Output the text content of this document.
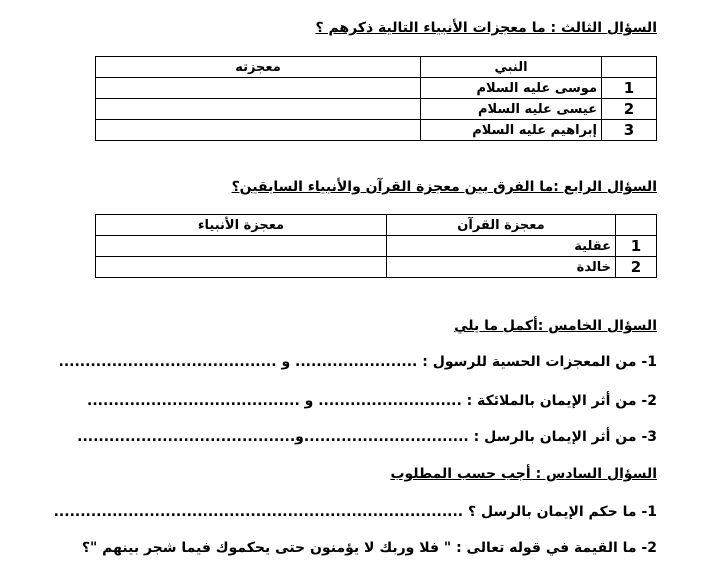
السؤال الثالث : ما معجزات الأنبياء التالية ذكرهم ؟
	النبي	معجزته
1	موسى عليه السلام	
2	عيسى عليه السلام	
3	إبراهيم عليه السلام	
السؤال الرابع :ما الفرق بين معجزة القرآن والأنبياء السابقين؟
	معجزة القرآن	معجزة الأنبياء
1	عقلية	
2	خالدة	
السؤال الخامس :أكمل ما يلي
1- من المعجزات الحسية للرسول : ....................... و .........................................
2- من أثر الإيمان بالملائكة : ........................... و ........................................
3- من أثر الإيمان بالرسل : ...............................و.........................................
السؤال السادس : أجب حسب المطلوب
1- ما حكم الإيمان بالرسل ؟ .............................................................................
2- ما القيمة في قوله تعالى : " فلا وربك لا يؤمنون حتى يحكموك فيما شجر بينهم "؟
